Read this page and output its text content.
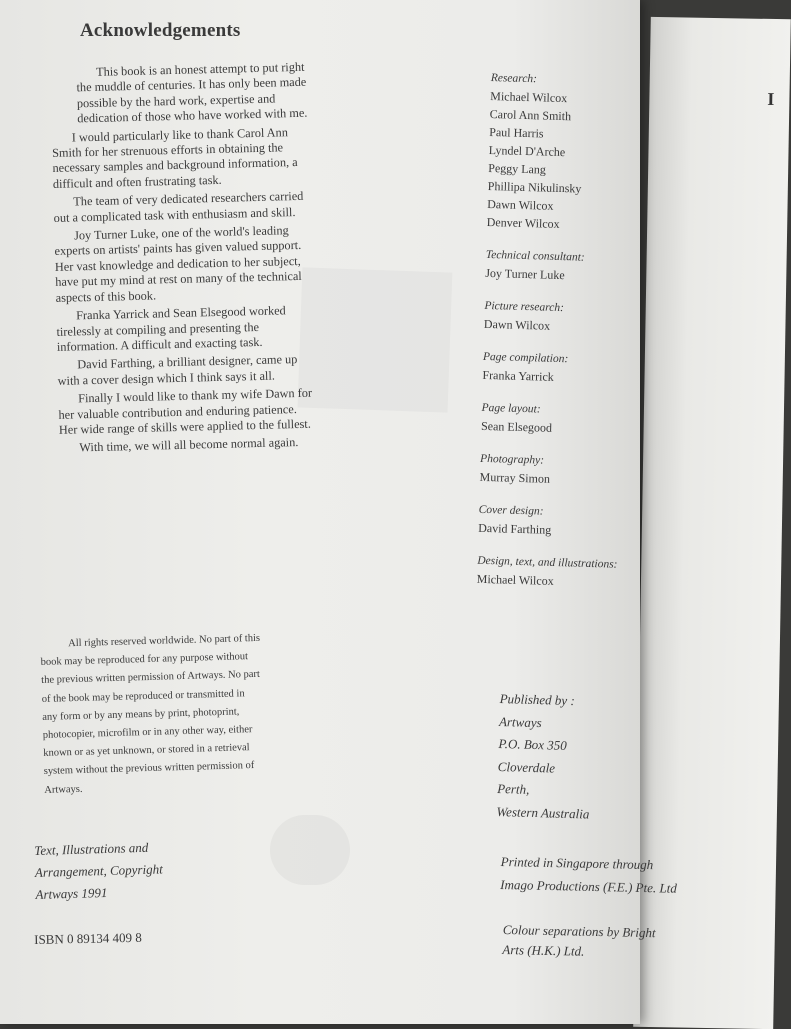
I
Acknowledgements

This book is an honest attempt to put right the muddle of centuries. It has only been made possible by the hard work, expertise and dedication of those who have worked with me.

I would particularly like to thank Carol Ann Smith for her strenuous efforts in obtaining the necessary samples and background information, a difficult and often frustrating task.

The team of very dedicated researchers carried out a complicated task with enthusiasm and skill.

Joy Turner Luke, one of the world's leading experts on artists' paints has given valued support. Her vast knowledge and dedication to her subject, have put my mind at rest on many of the technical aspects of this book.

Franka Yarrick and Sean Elsegood worked tirelessly at compiling and presenting the information. A difficult and exacting task.

David Farthing, a brilliant designer, came up with a cover design which I think says it all.

Finally I would like to thank my wife Dawn for her valuable contribution and enduring patience. Her wide range of skills were applied to the fullest.

With time, we will all become normal again.

All rights reserved worldwide. No part of this book may be reproduced for any purpose without the previous written permission of Artways. No part of the book may be reproduced or transmitted in any form or by any means by print, photoprint, photocopier, microfilm or in any other way, either known or as yet unknown, or stored in a retrieval system without the previous written permission of Artways.

Text, Illustrations and

Arrangement, Copyright

Artways 1991

ISBN 0 89134 409 8
Research:
Michael Wilcox
Carol Ann Smith
Paul Harris
Lyndel D'Arche
Peggy Lang
Phillipa Nikulinsky
Dawn Wilcox
Denver Wilcox
Technical consultant:
Joy Turner Luke
Picture research:
Dawn Wilcox
Page compilation:
Franka Yarrick
Page layout:
Sean Elsegood
Photography:
Murray Simon
Cover design:
David Farthing
Design, text, and illustrations:
Michael Wilcox

Published by :

Artways

P.O. Box 350

Cloverdale

Perth,

Western Australia

Printed in Singapore through

Imago Productions (F.E.) Pte. Ltd

Colour separations by Bright

Arts (H.K.) Ltd.
